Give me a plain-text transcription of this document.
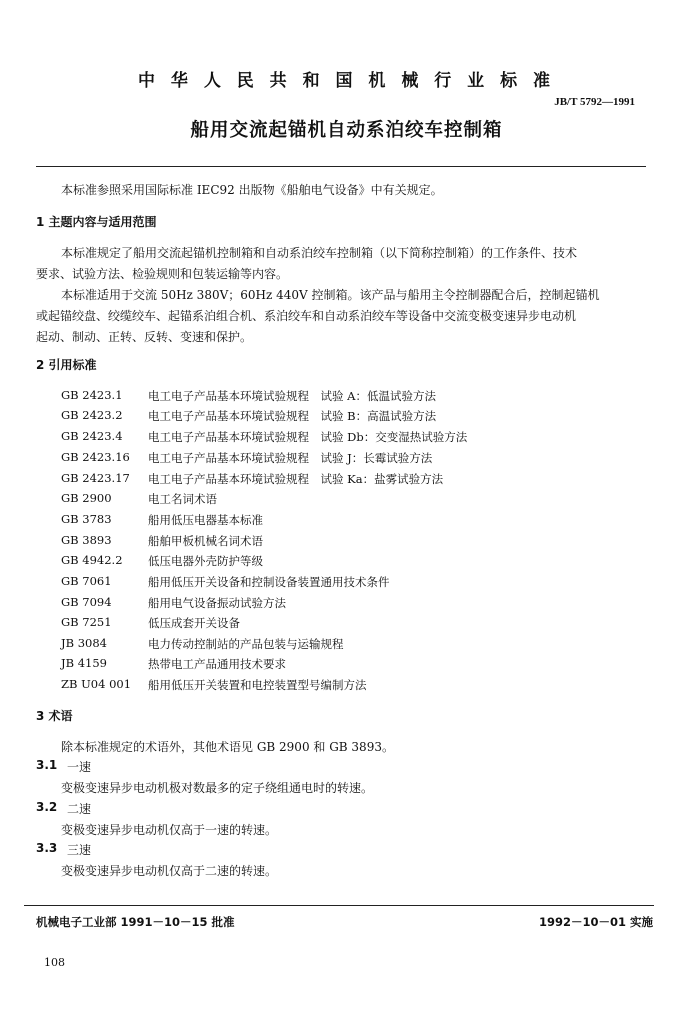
中 华 人 民 共 和 国 机 械 行 业 标 准
JB/T 5792—1991
船用交流起锚机自动系泊绞车控制箱
本标准参照采用国际标准 IEC92 出版物《船舶电气设备》中有关规定。
1 主题内容与适用范围
本标准规定了船用交流起锚机控制箱和自动系泊绞车控制箱（以下简称控制箱）的工作条件、技术
要求、试验方法、检验规则和包装运输等内容。
本标准适用于交流 50Hz 380V；60Hz 440V 控制箱。该产品与船用主令控制器配合后，控制起锚机
或起锚绞盘、绞缆绞车、起锚系泊组合机、系泊绞车和自动系泊绞车等设备中交流变极变速异步电动机
起动、制动、正转、反转、变速和保护。
2 引用标准
GB 2423.1 电工电子产品基本环境试验规程　试验 A：低温试验方法
GB 2423.2 电工电子产品基本环境试验规程　试验 B：高温试验方法
GB 2423.4 电工电子产品基本环境试验规程　试验 Db：交变湿热试验方法
GB 2423.16 电工电子产品基本环境试验规程　试验 J：长霉试验方法
GB 2423.17 电工电子产品基本环境试验规程　试验 Ka：盐雾试验方法
GB 2900	电工名词术语
GB 3783	船用低压电器基本标准
GB 3893	船舶甲板机械名词术语
GB 4942.2 低压电器外壳防护等级
GB 7061	船用低压开关设备和控制设备装置通用技术条件
GB 7094	船用电气设备振动试验方法
GB 7251	低压成套开关设备
JB 3084	电力传动控制站的产品包装与运输规程
JB 4159	热带电工产品通用技术要求
ZB U04 001 船用低压开关装置和电控装置型号编制方法
3 术语
除本标准规定的术语外，其他术语见 GB 2900 和 GB 3893。
3.1 一速
变极变速异步电动机极对数最多的定子绕组通电时的转速。
3.2 二速
变极变速异步电动机仅高于一速的转速。
3.3 三速
变极变速异步电动机仅高于二速的转速。
机械电子工业部 1991－10－15 批准	1992－10－01 实施
108
